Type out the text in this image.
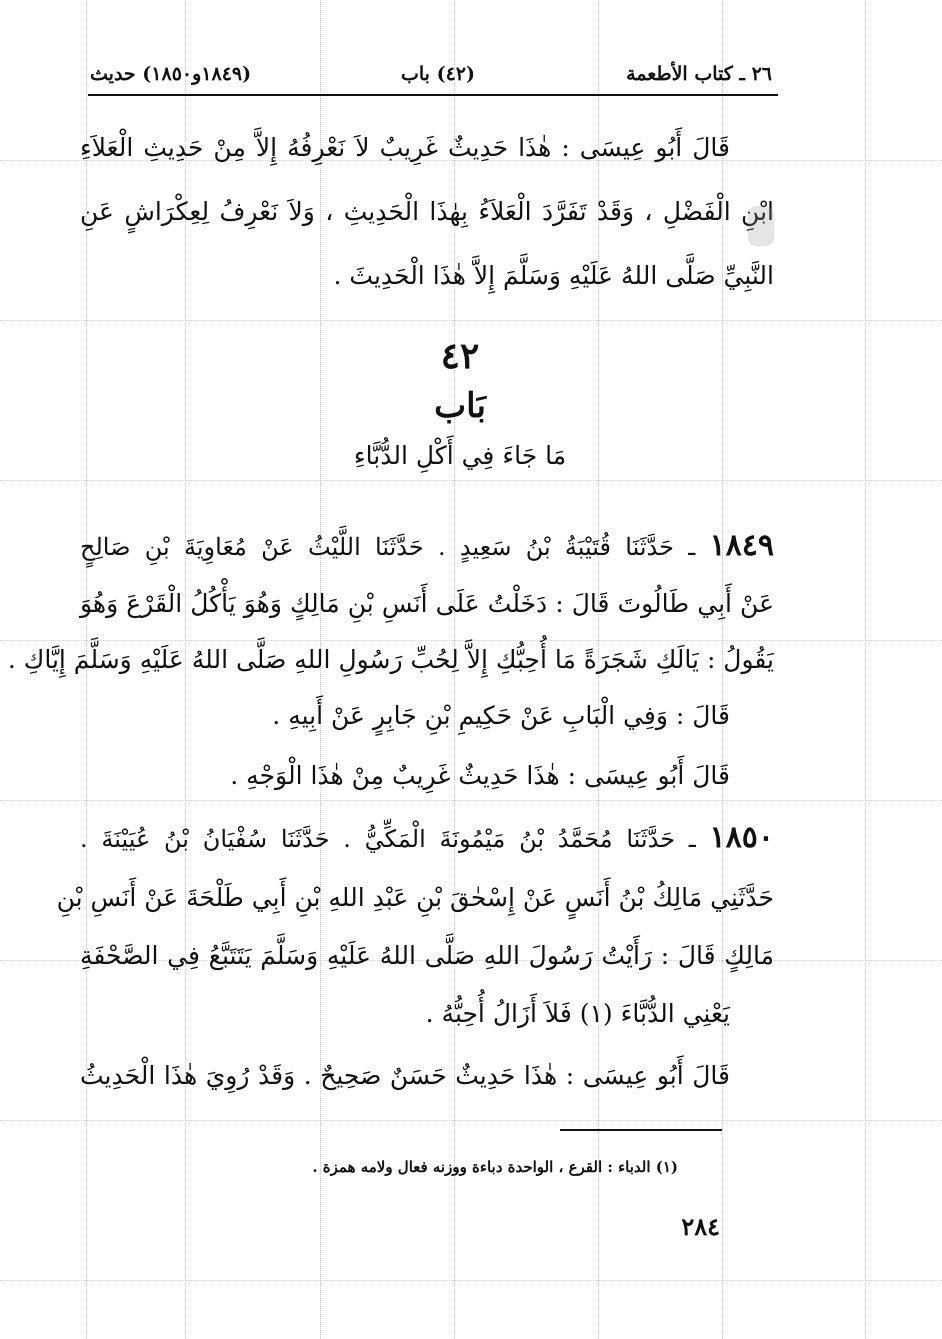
٢٦ ـ كتاب الأطعمة
(٤٢) باب
(١٨٤٩و١٨٥٠) حديث
قَالَ أَبُو عِيسَى : هٰذَا حَدِيثٌ غَرِيبٌ لاَ نَعْرِفُهُ إِلاَّ مِنْ حَدِيثِ الْعَلاَءِ
ابْنِ الْفَضْلِ ، وَقَدْ تَفَرَّدَ الْعَلاَءُ بِهٰذَا الْحَدِيثِ ، وَلاَ نَعْرِفُ لِعِكْرَاشٍ عَنِ
النَّبِيِّ صَلَّى اللهُ عَلَيْهِ وَسَلَّمَ إِلاَّ هٰذَا الْحَدِيثَ .
٤٢
بَاب
مَا جَاءَ فِي أَكْلِ الدُّبَّاءِ
١٨٤٩ ـ حَدَّثَنَا قُتَيْبَةُ بْنُ سَعِيدٍ . حَدَّثَنَا اللَّيْثُ عَنْ مُعَاوِيَةَ بْنِ صَالِحٍ
عَنْ أَبِي طَالُوتَ قَالَ : دَخَلْتُ عَلَى أَنَسِ بْنِ مَالِكٍ وَهُوَ يَأْكُلُ الْقَرْعَ وَهُوَ
يَقُولُ : يَالَكِ شَجَرَةً مَا أُحِبُّكِ إِلاَّ لِحُبِّ رَسُولِ اللهِ صَلَّى اللهُ عَلَيْهِ وَسَلَّمَ إِيَّاكِ .
قَالَ : وَفِي الْبَابِ عَنْ حَكِيمِ بْنِ جَابِرٍ عَنْ أَبِيهِ .
قَالَ أَبُو عِيسَى : هٰذَا حَدِيثٌ غَرِيبٌ مِنْ هٰذَا الْوَجْهِ .
١٨٥٠ ـ حَدَّثَنَا مُحَمَّدُ بْنُ مَيْمُونَةَ الْمَكِّيُّ . حَدَّثَنَا سُفْيَانُ بْنُ عُيَيْنَةَ .
حَدَّثَنِي مَالِكُ بْنُ أَنَسٍ عَنْ إِسْحٰقَ بْنِ عَبْدِ اللهِ بْنِ أَبِي طَلْحَةَ عَنْ أَنَسِ بْنِ
مَالِكٍ قَالَ : رَأَيْتُ رَسُولَ اللهِ صَلَّى اللهُ عَلَيْهِ وَسَلَّمَ يَتَتَبَّعُ فِي الصَّحْفَةِ
يَعْنِي الدُّبَّاءَ (١) فَلاَ أَزَالُ أُحِبُّهُ .
قَالَ أَبُو عِيسَى : هٰذَا حَدِيثٌ حَسَنٌ صَحِيحٌ . وَقَدْ رُوِيَ هٰذَا الْحَدِيثُ
(١) الدباء : القرع ، الواحدة دباءة ووزنه فعال ولامه همزة .
٢٨٤
